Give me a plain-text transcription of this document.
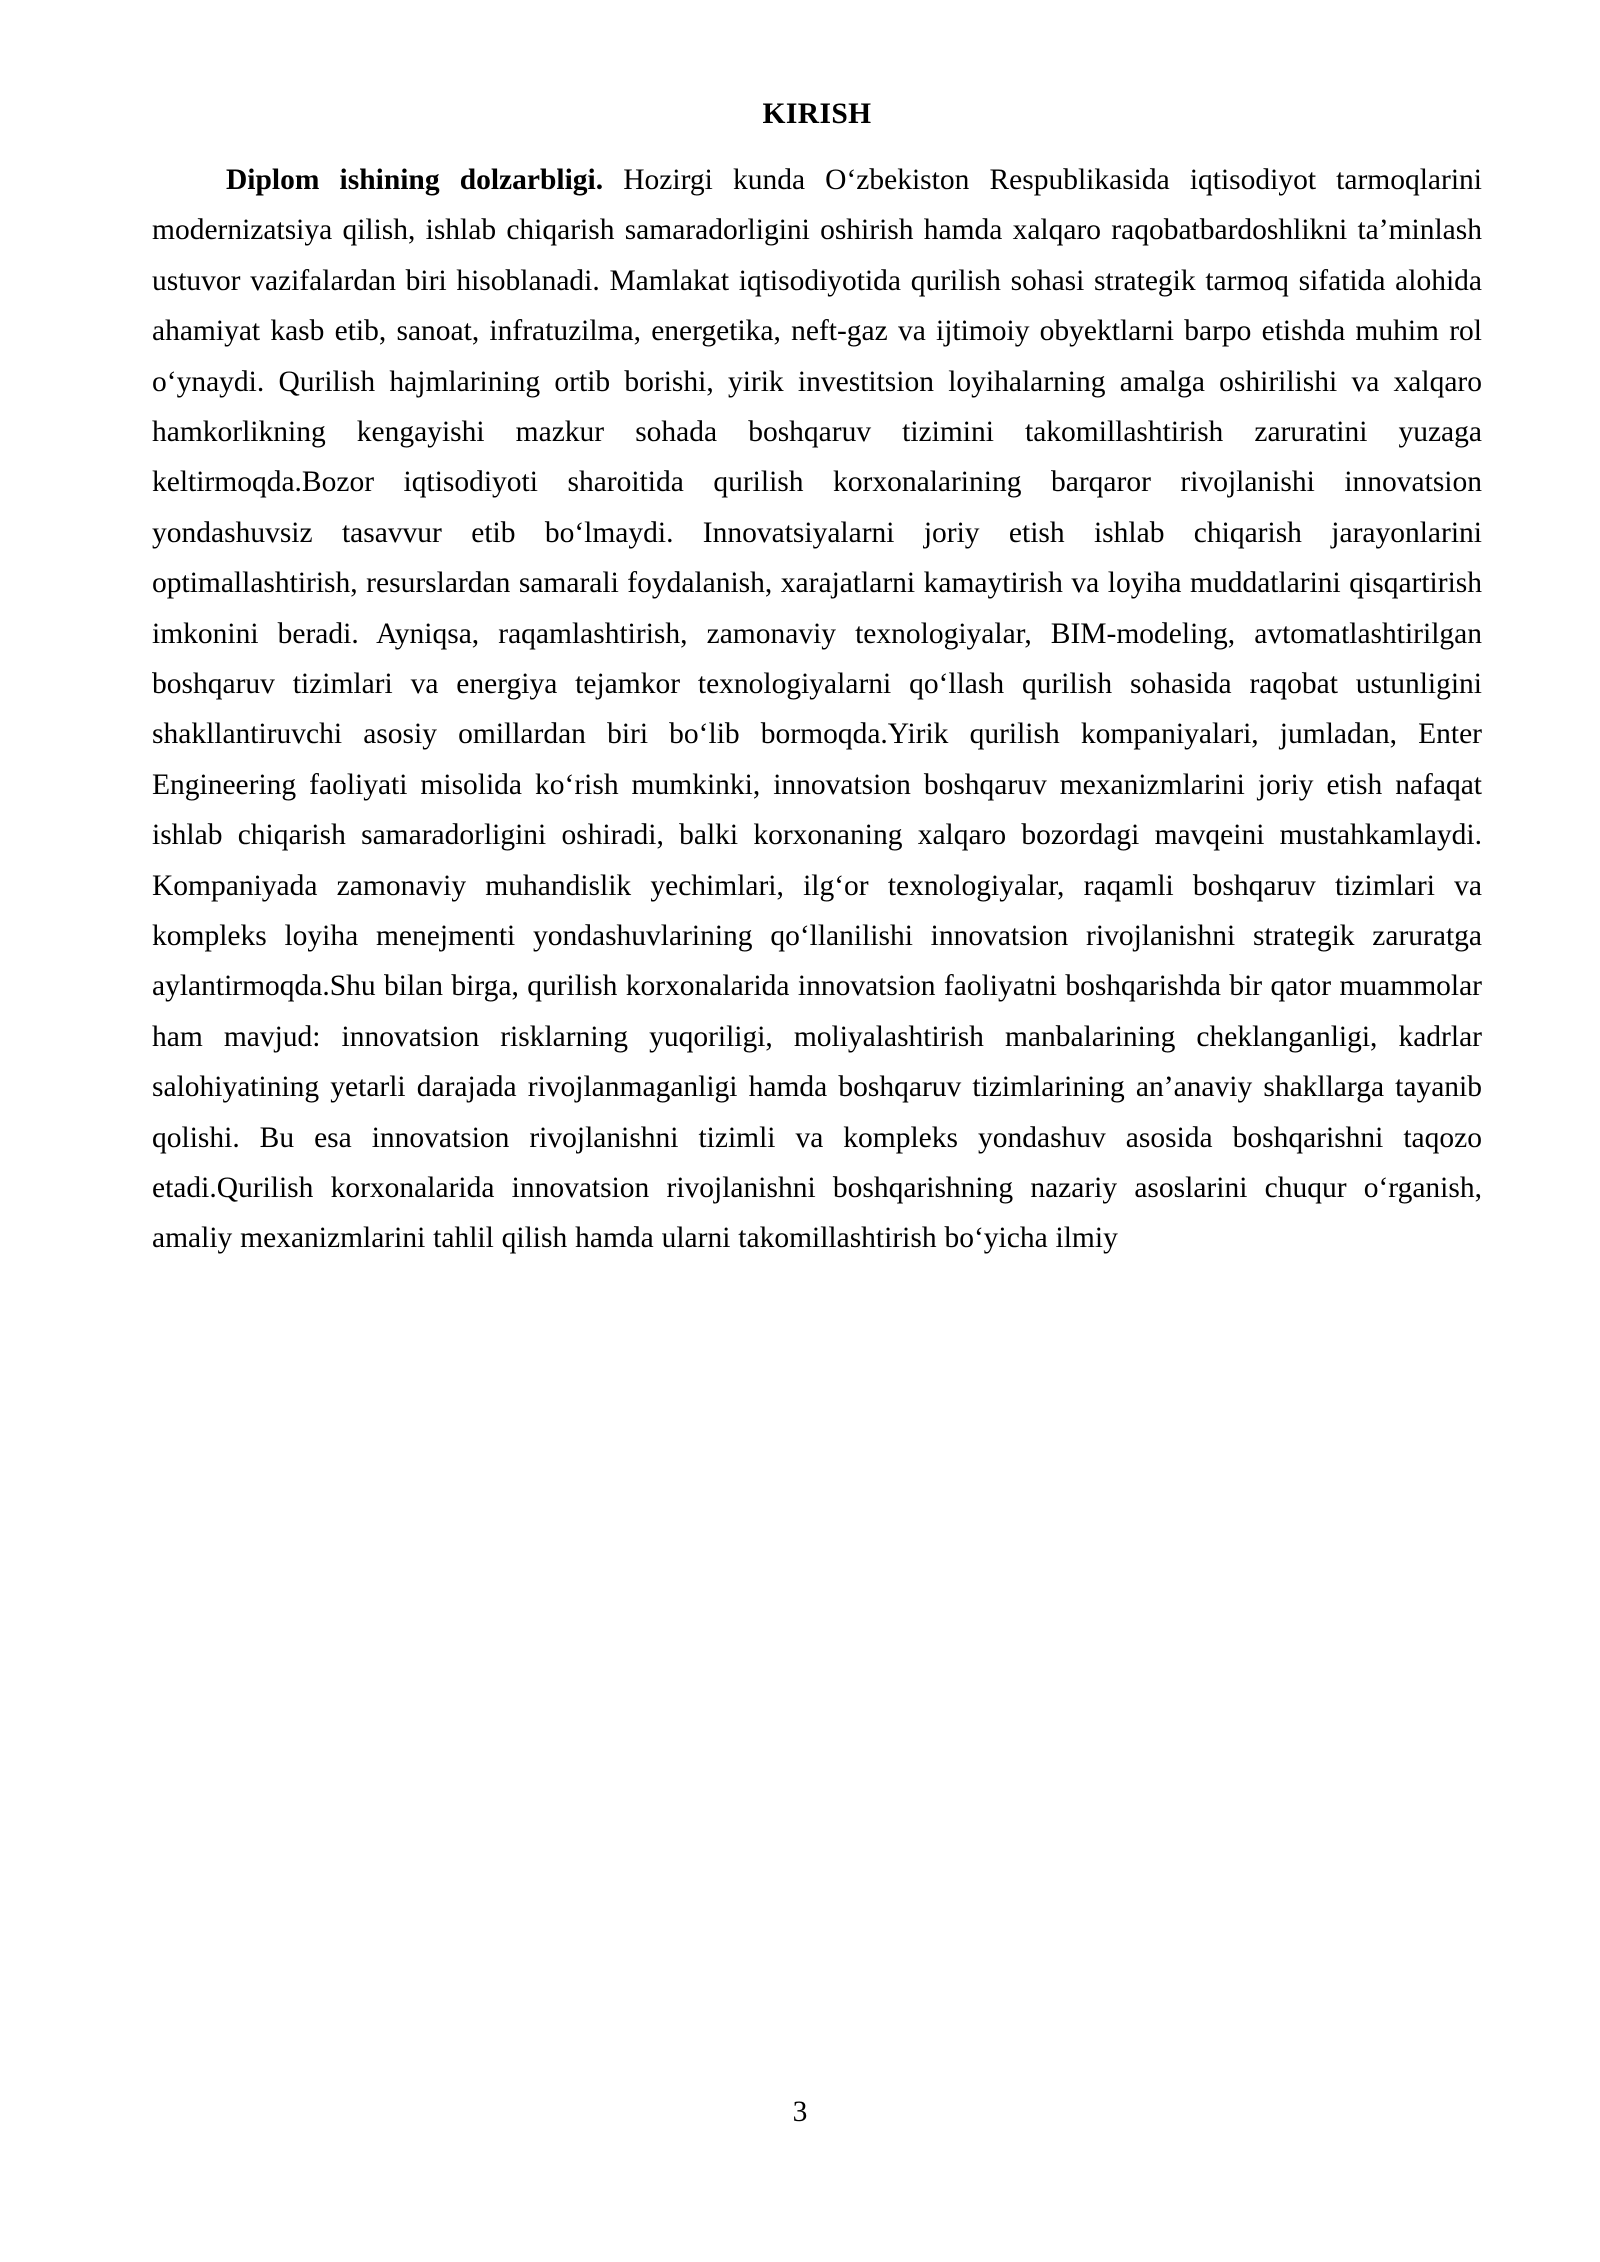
KIRISH

Diplom ishining dolzarbligi. Hozirgi kunda Oʻzbekiston Respublikasida iqtisodiyot tarmoqlarini modernizatsiya qilish, ishlab chiqarish samaradorligini oshirish hamda xalqaro raqobatbardoshlikni ta’minlash ustuvor vazifalardan biri hisoblanadi. Mamlakat iqtisodiyotida qurilish sohasi strategik tarmoq sifatida alohida ahamiyat kasb etib, sanoat, infratuzilma, energetika, neft-gaz va ijtimoiy obyektlarni barpo etishda muhim rol oʻynaydi. Qurilish hajmlarining ortib borishi, yirik investitsion loyihalarning amalga oshirilishi va xalqaro hamkorlikning kengayishi mazkur sohada boshqaruv tizimini takomillashtirish zaruratini yuzaga keltirmoqda.Bozor iqtisodiyoti sharoitida qurilish korxonalarining barqaror rivojlanishi innovatsion yondashuvsiz tasavvur etib boʻlmaydi. Innovatsiyalarni joriy etish ishlab chiqarish jarayonlarini optimallashtirish, resurslardan samarali foydalanish, xarajatlarni kamaytirish va loyiha muddatlarini qisqartirish imkonini beradi. Ayniqsa, raqamlashtirish, zamonaviy texnologiyalar, BIM-modeling, avtomatlashtirilgan boshqaruv tizimlari va energiya tejamkor texnologiyalarni qoʻllash qurilish sohasida raqobat ustunligini shakllantiruvchi asosiy omillardan biri boʻlib bormoqda.Yirik qurilish kompaniyalari, jumladan, Enter Engineering faoliyati misolida koʻrish mumkinki, innovatsion boshqaruv mexanizmlarini joriy etish nafaqat ishlab chiqarish samaradorligini oshiradi, balki korxonaning xalqaro bozordagi mavqeini mustahkamlaydi. Kompaniyada zamonaviy muhandislik yechimlari, ilgʻor texnologiyalar, raqamli boshqaruv tizimlari va kompleks loyiha menejmenti yondashuvlarining qoʻllanilishi innovatsion rivojlanishni strategik zaruratga aylantirmoqda.Shu bilan birga, qurilish korxonalarida innovatsion faoliyatni boshqarishda bir qator muammolar ham mavjud: innovatsion risklarning yuqoriligi, moliyalashtirish manbalarining cheklanganligi, kadrlar salohiyatining yetarli darajada rivojlanmaganligi hamda boshqaruv tizimlarining an’anaviy shakllarga tayanib qolishi. Bu esa innovatsion rivojlanishni tizimli va kompleks yondashuv asosida boshqarishni taqozo etadi.Qurilish korxonalarida innovatsion rivojlanishni boshqarishning nazariy asoslarini chuqur oʻrganish, amaliy mexanizmlarini tahlil qilish hamda ularni takomillashtirish boʻyicha ilmiy

3
